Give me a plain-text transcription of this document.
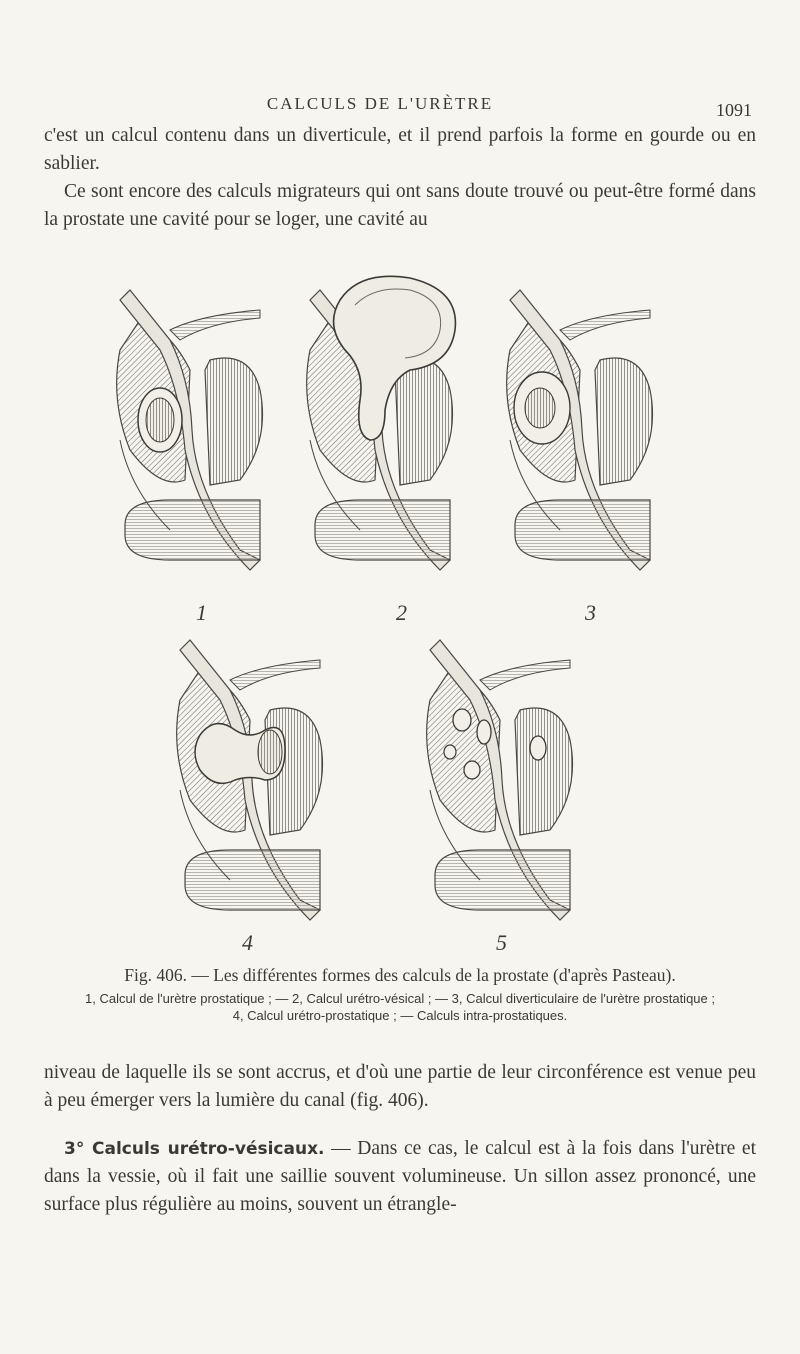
CALCULS DE L'URÈTRE	1091

c'est un calcul contenu dans un diverticule, et il prend parfois la forme en gourde ou en sablier.

Ce sont encore des calculs migrateurs qui ont sans doute trouvé ou peut-être formé dans la prostate une cavité pour se loger, une cavité au

1	2	3
4	5
Fig. 406. — Les différentes formes des calculs de la prostate (d'après Pasteau).
1, Calcul de l'urètre prostatique ; — 2, Calcul urétro-vésical ; — 3, Calcul diverticulaire de l'urètre prostatique ;
4, Calcul urétro-prostatique ; — Calculs intra-prostatiques.

niveau de laquelle ils se sont accrus, et d'où une partie de leur circonférence est venue peu à peu émerger vers la lumière du canal (fig. 406).

3° Calculs urétro-vésicaux. — Dans ce cas, le calcul est à la fois dans l'urètre et dans la vessie, où il fait une saillie souvent volumineuse. Un sillon assez prononcé, une surface plus régulière au moins, souvent un étrangle-
